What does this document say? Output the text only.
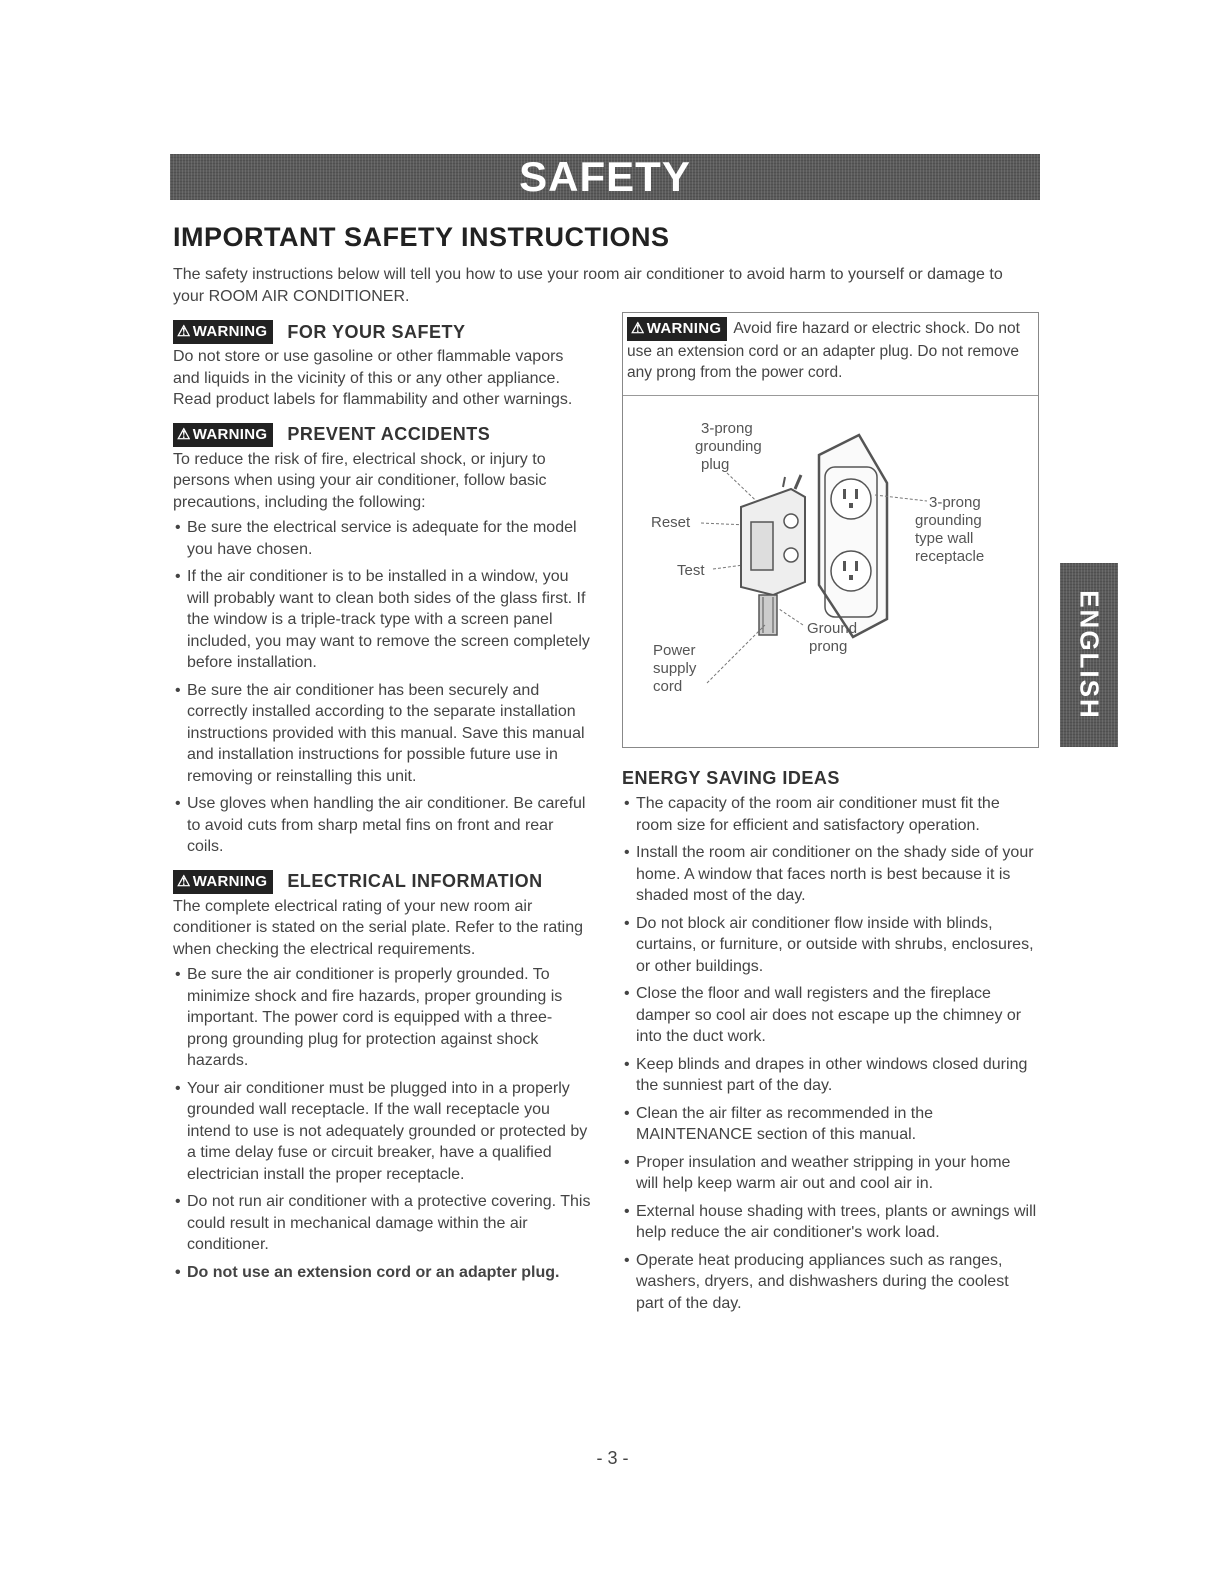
SAFETY
IMPORTANT SAFETY INSTRUCTIONS
The safety instructions below will tell you how to use your room air conditioner to avoid harm to yourself or damage to your ROOM AIR CONDITIONER.
⚠ WARNING FOR YOUR SAFETY

Do not store or use gasoline or other flammable vapors and liquids in the vicinity of this or any other appliance. Read product labels for flammability and other warnings.

⚠ WARNING PREVENT ACCIDENTS

To reduce the risk of fire, electrical shock, or injury to persons when using your air conditioner, follow basic precautions, including the following:

• Be sure the electrical service is adequate for the model you have chosen.
• If the air conditioner is to be installed in a window, you will probably want to clean both sides of the glass first. If the window is a triple-track type with a screen panel included, you may want to remove the screen completely before installation.
• Be sure the air conditioner has been securely and correctly installed according to the separate installation instructions provided with this manual. Save this manual and installation instructions for possible future use in removing or reinstalling this unit.
• Use gloves when handling the air conditioner. Be careful to avoid cuts from sharp metal fins on front and rear coils.
⚠ WARNING ELECTRICAL INFORMATION

The complete electrical rating of your new room air conditioner is stated on the serial plate. Refer to the rating when checking the electrical requirements.

• Be sure the air conditioner is properly grounded. To minimize shock and fire hazards, proper grounding is important. The power cord is equipped with a three-prong grounding plug for protection against shock hazards.
• Your air conditioner must be plugged into in a properly grounded wall receptacle. If the wall receptacle you intend to use is not adequately grounded or protected by a time delay fuse or circuit breaker, have a qualified electrician install the proper receptacle.
• Do not run air conditioner with a protective covering. This could result in mechanical damage within the air conditioner.
• Do not use an extension cord or an adapter plug.
⚠ WARNING Avoid fire hazard or electric shock. Do not use an extension cord or an adapter plug. Do not remove any prong from the power cord.
3-prong grounding plug
Reset
Test
Power supply cord
3-prong grounding type wall receptacle
Ground prong
ENERGY SAVING IDEAS
• The capacity of the room air conditioner must fit the room size for efficient and satisfactory operation.
• Install the room air conditioner on the shady side of your home. A window that faces north is best because it is shaded most of the day.
• Do not block air conditioner flow inside with blinds, curtains, or furniture, or outside with shrubs, enclosures, or other buildings.
• Close the floor and wall registers and the fireplace damper so cool air does not escape up the chimney or into the duct work.
• Keep blinds and drapes in other windows closed during the sunniest part of the day.
• Clean the air filter as recommended in the MAINTENANCE section of this manual.
• Proper insulation and weather stripping in your home will help keep warm air out and cool air in.
• External house shading with trees, plants or awnings will help reduce the air conditioner's work load.
• Operate heat producing appliances such as ranges, washers, dryers, and dishwashers during the coolest part of the day.
ENGLISH
- 3 -
